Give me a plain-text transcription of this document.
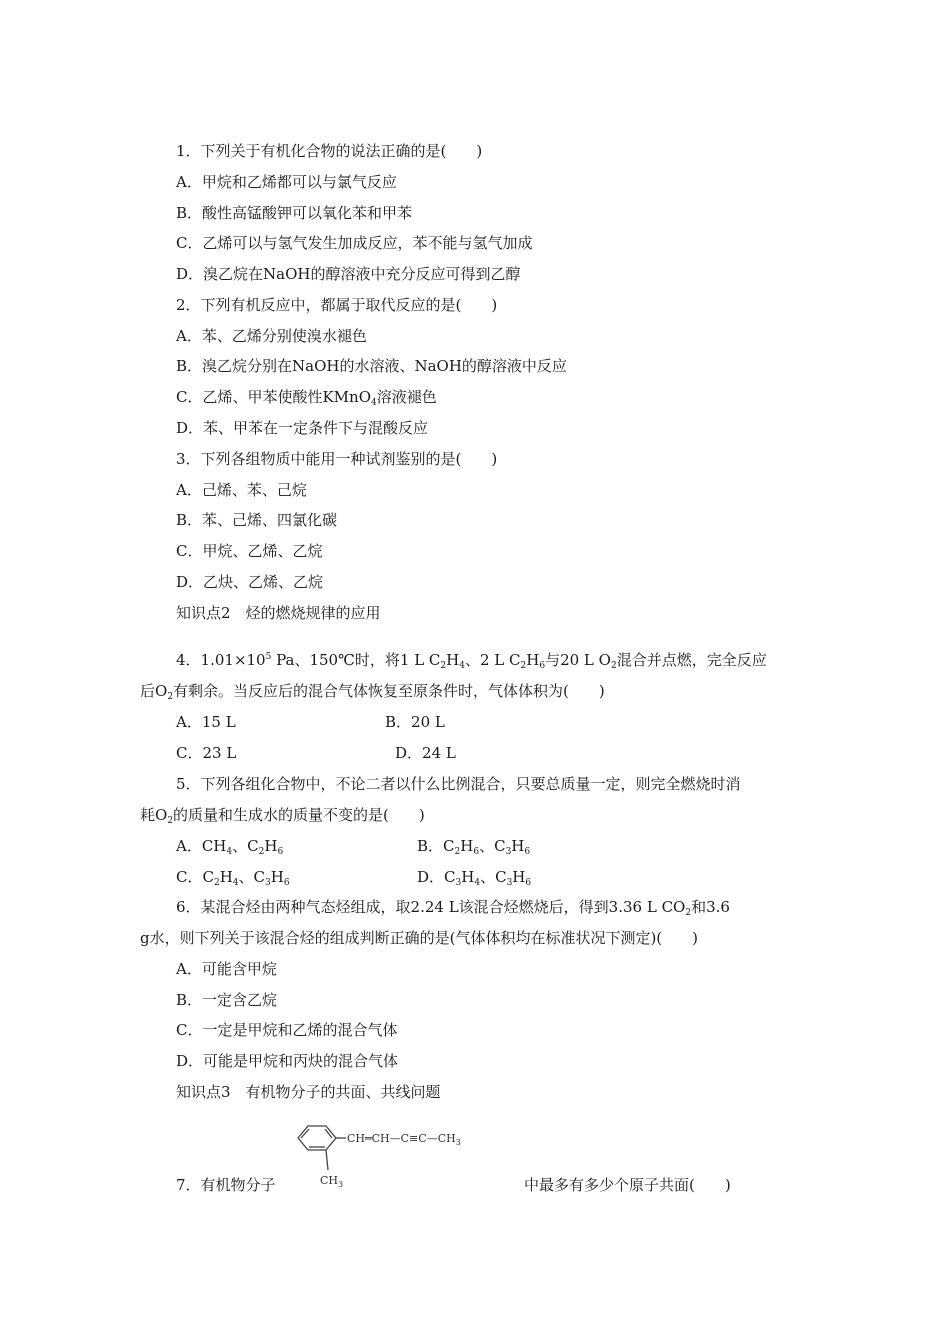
1．下列关于有机化合物的说法正确的是(　　)
A．甲烷和乙烯都可以与氯气反应
B．酸性高锰酸钾可以氧化苯和甲苯
C．乙烯可以与氢气发生加成反应，苯不能与氢气加成
D．溴乙烷在NaOH的醇溶液中充分反应可得到乙醇
2．下列有机反应中，都属于取代反应的是(　　)
A．苯、乙烯分别使溴水褪色
B．溴乙烷分别在NaOH的水溶液、NaOH的醇溶液中反应
C．乙烯、甲苯使酸性KMnO$_4$溶液褪色
D．苯、甲苯在一定条件下与混酸反应
3．下列各组物质中能用一种试剂鉴别的是(　　)
A．己烯、苯、己烷
B．苯、己烯、四氯化碳
C．甲烷、乙烯、乙烷
D．乙炔、乙烯、乙烷
知识点2　烃的燃烧规律的应用
4．$1.01\times 10^5$ Pa、150℃时，将1 L $C_2H_4$、2 L $C_2H_6$与20 L $O_2$混合并点燃，完全反应
后$O_2$有剩余。当反应后的混合气体恢复至原条件时，气体体积为(　　)
A．15 L	B．20 L
C．23 L	D．24 L
5．下列各组化合物中，不论二者以什么比例混合，只要总质量一定，则完全燃烧时消
耗$O_2$的质量和生成水的质量不变的是(　　)
A．$CH_4$、$C_2H_6$	B．$C_2H_6$、$C_3H_6$
C．$C_2H_4$、$C_3H_6$	D．$C_3H_4$、$C_3H_6$
6．某混合烃由两种气态烃组成，取2.24 L该混合烃燃烧后，得到3.36 L $CO_2$和3.6
g水，则下列关于该混合烃的组成判断正确的是(气体体积均在标准状况下测定)(　　)
A．可能含甲烷
B．一定含乙烷
C．一定是甲烷和乙烯的混合气体
D．可能是甲烷和丙炔的混合气体
知识点3　有机物分子的共面、共线问题
7．有机物分子	中最多有多少个原子共面(　　)
$CH═CH—C\equiv C—CH_3$
$CH_3$
